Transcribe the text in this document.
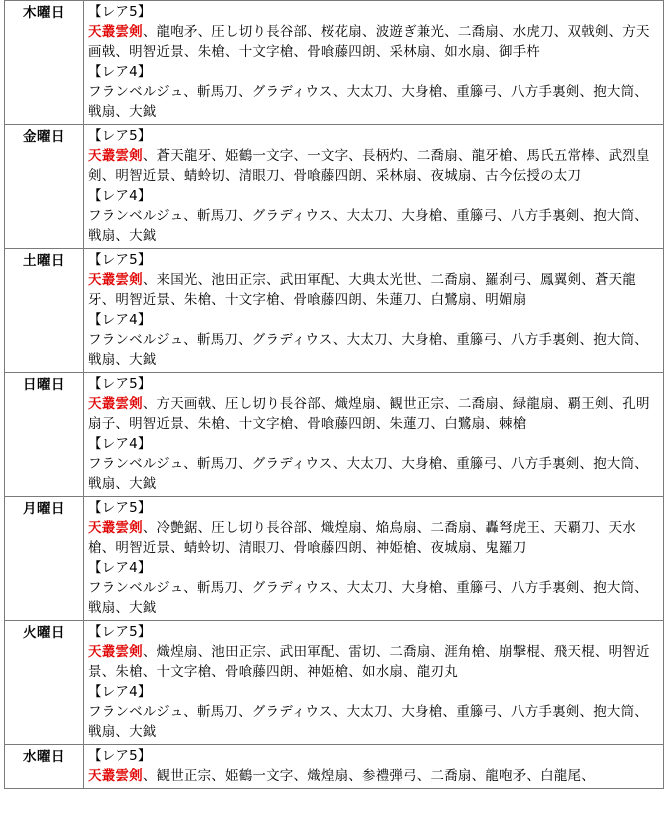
木曜日	【レア5】
天叢雲剣、龍咆矛、圧し切り長谷部、桜花扇、波遊ぎ兼光、二喬扇、水虎刀、双戟剣、方天画戟、明智近景、朱槍、十文字槍、骨喰藤四朗、采林扇、如水扇、御手杵
【レア4】
フランベルジュ、斬馬刀、グラディウス、大太刀、大身槍、重籐弓、八方手裏剣、抱大筒、戦扇、大鉞
金曜日	【レア5】
天叢雲剣、蒼天龍牙、姫鶴一文字、一文字、長柄灼、二喬扇、龍牙槍、馬氏五常棒、武烈皇剣、明智近景、蜻蛉切、清眼刀、骨喰藤四朗、采林扇、夜城扇、古今伝授の太刀
【レア4】
フランベルジュ、斬馬刀、グラディウス、大太刀、大身槍、重籐弓、八方手裏剣、抱大筒、戦扇、大鉞
土曜日	【レア5】
天叢雲剣、来国光、池田正宗、武田軍配、大典太光世、二喬扇、羅刹弓、鳳翼剣、蒼天龍牙、明智近景、朱槍、十文字槍、骨喰藤四朗、朱蓮刀、白鷺扇、明媚扇
【レア4】
フランベルジュ、斬馬刀、グラディウス、大太刀、大身槍、重籐弓、八方手裏剣、抱大筒、戦扇、大鉞
日曜日	【レア5】
天叢雲剣、方天画戟、圧し切り長谷部、熾煌扇、観世正宗、二喬扇、緑龍扇、覇王剣、孔明扇子、明智近景、朱槍、十文字槍、骨喰藤四朗、朱蓮刀、白鷺扇、棘槍
【レア4】
フランベルジュ、斬馬刀、グラディウス、大太刀、大身槍、重籐弓、八方手裏剣、抱大筒、戦扇、大鉞
月曜日	【レア5】
天叢雲剣、冷艶鋸、圧し切り長谷部、熾煌扇、焔鳥扇、二喬扇、轟弩虎王、天覇刀、天水槍、明智近景、蜻蛉切、清眼刀、骨喰藤四朗、神姫槍、夜城扇、鬼羅刀
【レア4】
フランベルジュ、斬馬刀、グラディウス、大太刀、大身槍、重籐弓、八方手裏剣、抱大筒、戦扇、大鉞
火曜日	【レア5】
天叢雲剣、熾煌扇、池田正宗、武田軍配、雷切、二喬扇、涯角槍、崩撃棍、飛天棍、明智近景、朱槍、十文字槍、骨喰藤四朗、神姫槍、如水扇、龍刃丸
【レア4】
フランベルジュ、斬馬刀、グラディウス、大太刀、大身槍、重籐弓、八方手裏剣、抱大筒、戦扇、大鉞
水曜日	【レア5】
天叢雲剣、観世正宗、姫鶴一文字、熾煌扇、参禮弾弓、二喬扇、龍咆矛、白龍尾、
